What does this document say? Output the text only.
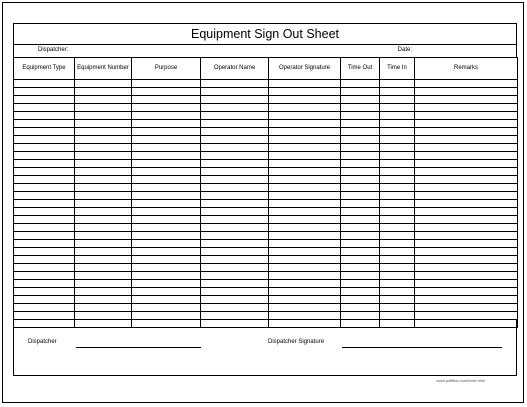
Equipment Sign Out Sheet
Dispatcher:	Date:
Equipment Type	Equipment Number	Purpose	Operator Name	Operator Signature	Time Out	Time In	Remarks

Dispatcher	Dispatcher Signature
www.pdffiller.com/form.html
